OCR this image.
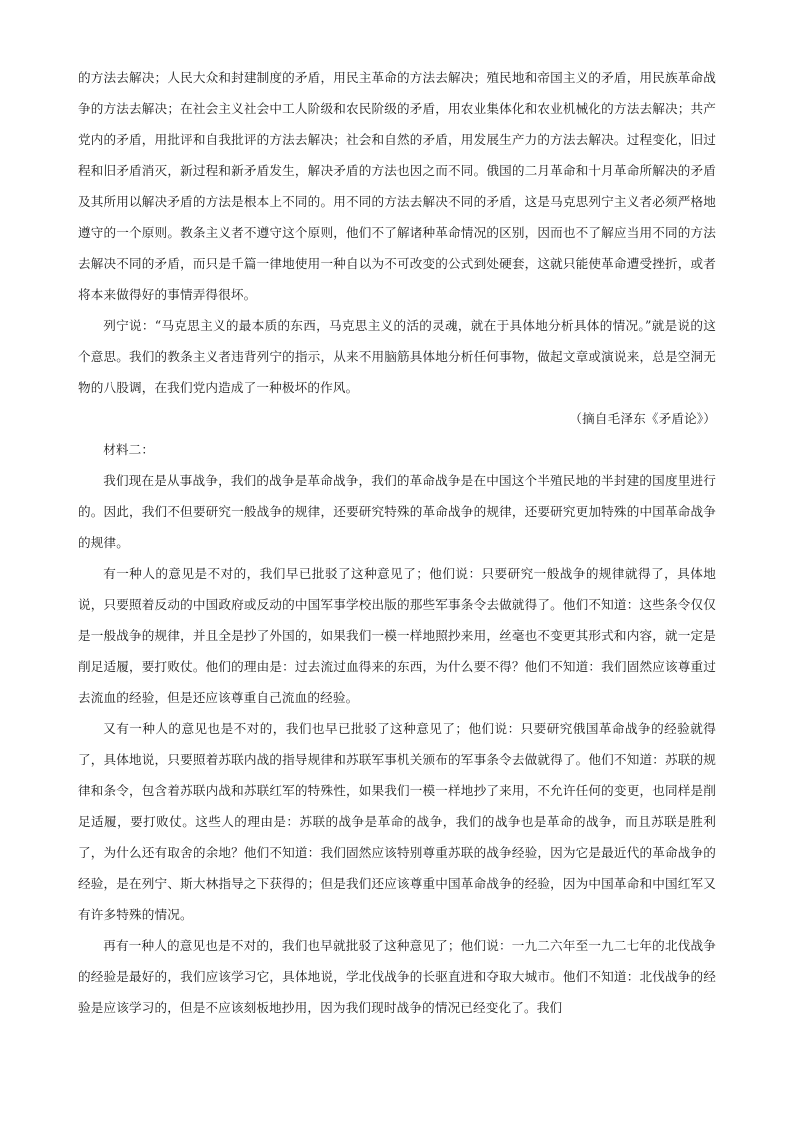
的方法去解决；人民大众和封建制度的矛盾，用民主革命的方法去解决；殖民地和帝国主义的矛盾，用民族革命战争的方法去解决；在社会主义社会中工人阶级和农民阶级的矛盾，用农业集体化和农业机械化的方法去解决；共产党内的矛盾，用批评和自我批评的方法去解决；社会和自然的矛盾，用发展生产力的方法去解决。过程变化，旧过程和旧矛盾消灭，新过程和新矛盾发生，解决矛盾的方法也因之而不同。俄国的二月革命和十月革命所解决的矛盾及其所用以解决矛盾的方法是根本上不同的。用不同的方法去解决不同的矛盾，这是马克思列宁主义者必须严格地遵守的一个原则。教条主义者不遵守这个原则，他们不了解诸种革命情况的区别，因而也不了解应当用不同的方法去解决不同的矛盾，而只是千篇一律地使用一种自以为不可改变的公式到处硬套，这就只能使革命遭受挫折，或者将本来做得好的事情弄得很坏。

列宁说：“马克思主义的最本质的东西，马克思主义的活的灵魂，就在于具体地分析具体的情况。”就是说的这个意思。我们的教条主义者违背列宁的指示，从来不用脑筋具体地分析任何事物，做起文章或演说来，总是空洞无物的八股调，在我们党内造成了一种极坏的作风。

（摘自毛泽东《矛盾论》）

材料二：

我们现在是从事战争，我们的战争是革命战争，我们的革命战争是在中国这个半殖民地的半封建的国度里进行的。因此，我们不但要研究一般战争的规律，还要研究特殊的革命战争的规律，还要研究更加特殊的中国革命战争的规律。

有一种人的意见是不对的，我们早已批驳了这种意见了；他们说：只要研究一般战争的规律就得了，具体地说，只要照着反动的中国政府或反动的中国军事学校出版的那些军事条令去做就得了。他们不知道：这些条令仅仅是一般战争的规律，并且全是抄了外国的，如果我们一模一样地照抄来用，丝毫也不变更其形式和内容，就一定是削足适履，要打败仗。他们的理由是：过去流过血得来的东西，为什么要不得？他们不知道：我们固然应该尊重过去流血的经验，但是还应该尊重自己流血的经验。

又有一种人的意见也是不对的，我们也早已批驳了这种意见了；他们说：只要研究俄国革命战争的经验就得了，具体地说，只要照着苏联内战的指导规律和苏联军事机关颁布的军事条令去做就得了。他们不知道：苏联的规律和条令，包含着苏联内战和苏联红军的特殊性，如果我们一模一样地抄了来用，不允许任何的变更，也同样是削足适履，要打败仗。这些人的理由是：苏联的战争是革命的战争，我们的战争也是革命的战争，而且苏联是胜利了，为什么还有取舍的余地？他们不知道：我们固然应该特别尊重苏联的战争经验，因为它是最近代的革命战争的经验，是在列宁、斯大林指导之下获得的；但是我们还应该尊重中国革命战争的经验，因为中国革命和中国红军又有许多特殊的情况。

再有一种人的意见也是不对的，我们也早就批驳了这种意见了；他们说：一九二六年至一九二七年的北伐战争的经验是最好的，我们应该学习它，具体地说，学北伐战争的长驱直进和夺取大城市。他们不知道：北伐战争的经验是应该学习的，但是不应该刻板地抄用，因为我们现时战争的情况已经变化了。我们
